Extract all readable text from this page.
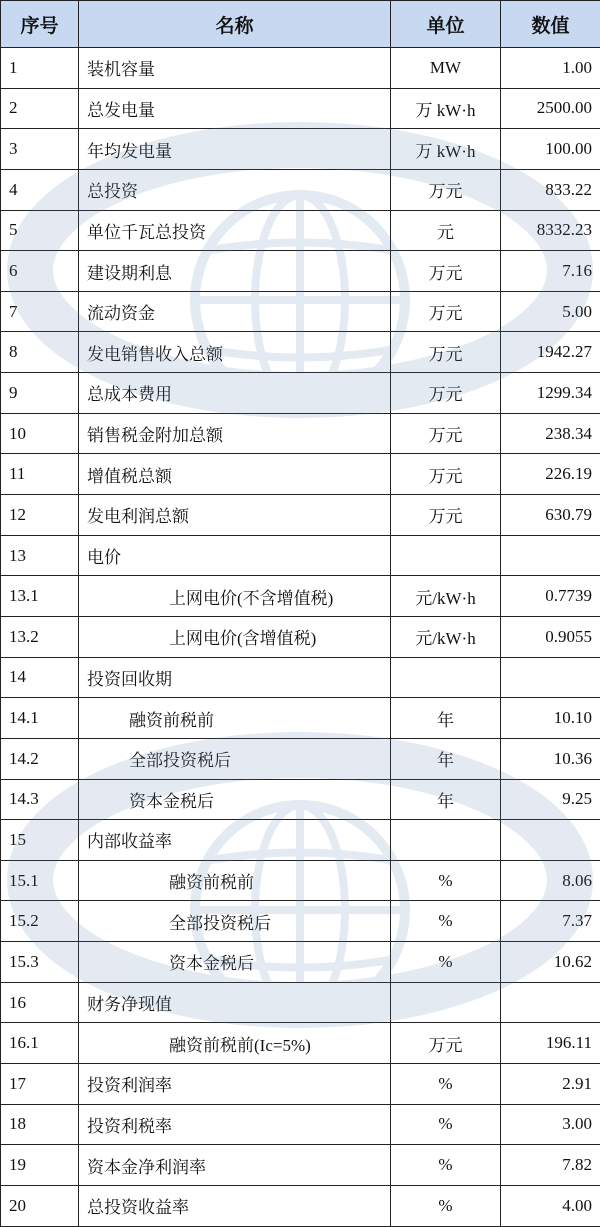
序号	名称	单位	数值
1	装机容量	MW	1.00
2	总发电量	万 kW·h	2500.00
3	年均发电量	万 kW·h	100.00
4	总投资	万元	833.22
5	单位千瓦总投资	元	8332.23
6	建设期利息	万元	7.16
7	流动资金	万元	5.00
8	发电销售收入总额	万元	1942.27
9	总成本费用	万元	1299.34
10	销售税金附加总额	万元	238.34
11	增值税总额	万元	226.19
12	发电利润总额	万元	630.79
13	电价		
13.1	上网电价(不含增值税)	元/kW·h	0.7739
13.2	上网电价(含增值税)	元/kW·h	0.9055
14	投资回收期		
14.1	融资前税前	年	10.10
14.2	全部投资税后	年	10.36
14.3	资本金税后	年	9.25
15	内部收益率		
15.1	融资前税前	%	8.06
15.2	全部投资税后	%	7.37
15.3	资本金税后	%	10.62
16	财务净现值		
16.1	融资前税前(Ic=5%)	万元	196.11
17	投资利润率	%	2.91
18	投资利税率	%	3.00
19	资本金净利润率	%	7.82
20	总投资收益率	%	4.00
